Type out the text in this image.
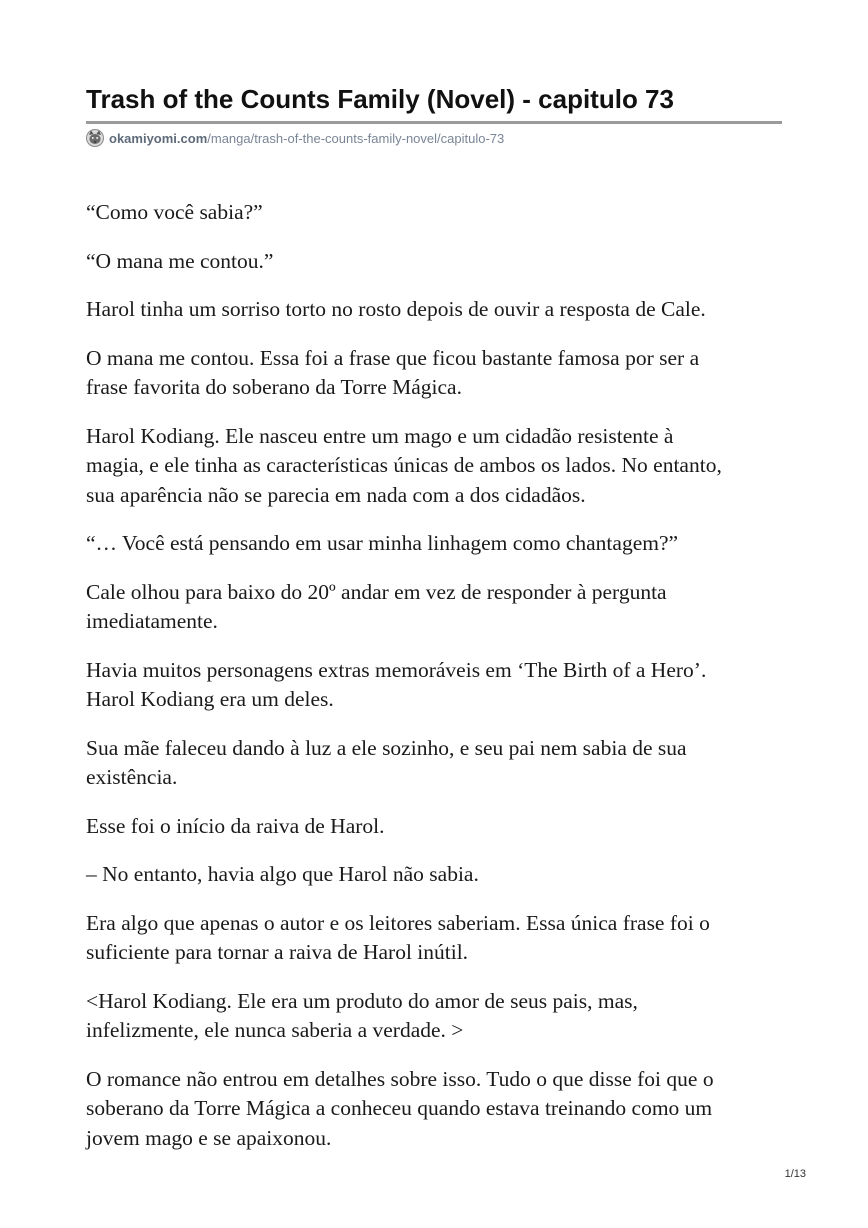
Trash of the Counts Family (Novel) - capitulo 73
okamiyomi.com /manga/trash-of-the-counts-family-novel/capitulo-73

“Como você sabia?”

“O mana me contou.”

Harol tinha um sorriso torto no rosto depois de ouvir a resposta de Cale.

O mana me contou. Essa foi a frase que ficou bastante famosa por ser a
frase favorita do soberano da Torre Mágica.

Harol Kodiang. Ele nasceu entre um mago e um cidadão resistente à
magia, e ele tinha as características únicas de ambos os lados. No entanto,
sua aparência não se parecia em nada com a dos cidadãos.

“… Você está pensando em usar minha linhagem como chantagem?”

Cale olhou para baixo do 20º andar em vez de responder à pergunta
imediatamente.

Havia muitos personagens extras memoráveis em ‘The Birth of a Hero’.
Harol Kodiang era um deles.

Sua mãe faleceu dando à luz a ele sozinho, e seu pai nem sabia de sua
existência.

Esse foi o início da raiva de Harol.

– No entanto, havia algo que Harol não sabia.

Era algo que apenas o autor e os leitores saberiam. Essa única frase foi o
suficiente para tornar a raiva de Harol inútil.

<Harol Kodiang. Ele era um produto do amor de seus pais, mas,
infelizmente, ele nunca saberia a verdade. >

O romance não entrou em detalhes sobre isso. Tudo o que disse foi que o
soberano da Torre Mágica a conheceu quando estava treinando como um
jovem mago e se apaixonou.

1/13
